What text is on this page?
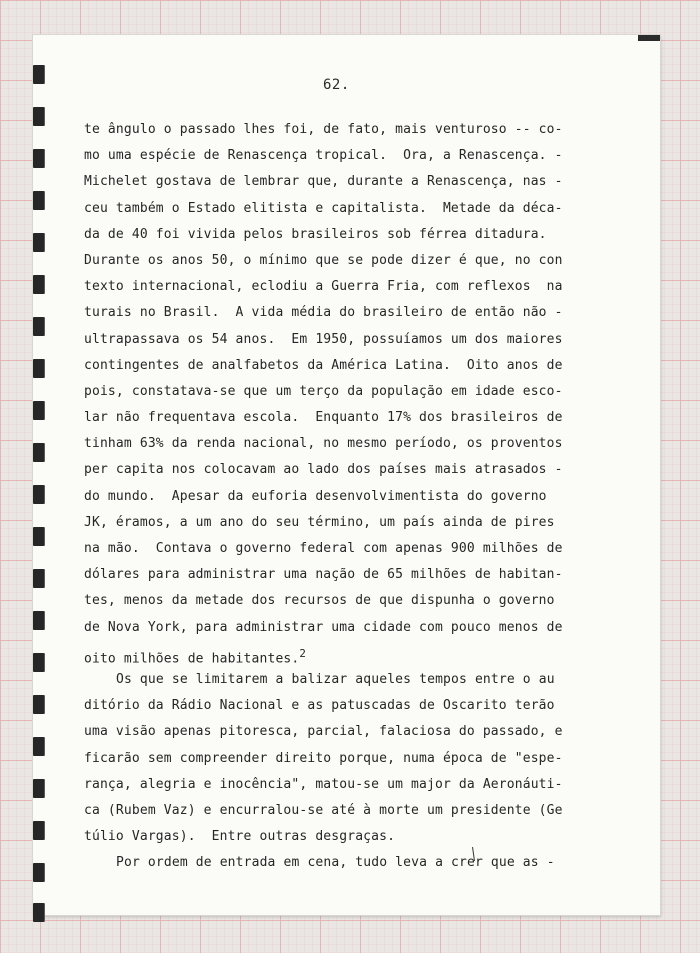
62.
te ângulo o passado lhes foi, de fato, mais venturoso -- co-
mo uma espécie de Renascença tropical.  Ora, a Renascença. -
Michelet gostava de lembrar que, durante a Renascença, nas -
ceu também o Estado elitista e capitalista.  Metade da déca-
da de 40 foi vivida pelos brasileiros sob férrea ditadura.
Durante os anos 50, o mínimo que se pode dizer é que, no con
texto internacional, eclodiu a Guerra Fria, com reflexos  na
turais no Brasil.  A vida média do brasileiro de então não -
ultrapassava os 54 anos.  Em 1950, possuíamos um dos maiores
contingentes de analfabetos da América Latina.  Oito anos de
pois, constatava-se que um terço da população em idade esco-
lar não frequentava escola.  Enquanto 17% dos brasileiros de
tinham 63% da renda nacional, no mesmo período, os proventos
per capita nos colocavam ao lado dos países mais atrasados -
do mundo.  Apesar da euforia desenvolvimentista do governo
JK, éramos, a um ano do seu término, um país ainda de pires
na mão.  Contava o governo federal com apenas 900 milhões de
dólares para administrar uma nação de 65 milhões de habitan-
tes, menos da metade dos recursos de que dispunha o governo
de Nova York, para administrar uma cidade com pouco menos de
oito milhões de habitantes.$^2$
Os que se limitarem a balizar aqueles tempos entre o au
ditório da Rádio Nacional e as patuscadas de Oscarito terão
uma visão apenas pitoresca, parcial, falaciosa do passado, e
ficarão sem compreender direito porque, numa época de "espe-
rança, alegria e inocência", matou-se um major da Aeronáuti-
ca (Rubem Vaz) e encurralou-se até à morte um presidente (Ge
túlio Vargas).  Entre outras desgraças.
Por ordem de entrada em cena, tudo leva a crer que as -
